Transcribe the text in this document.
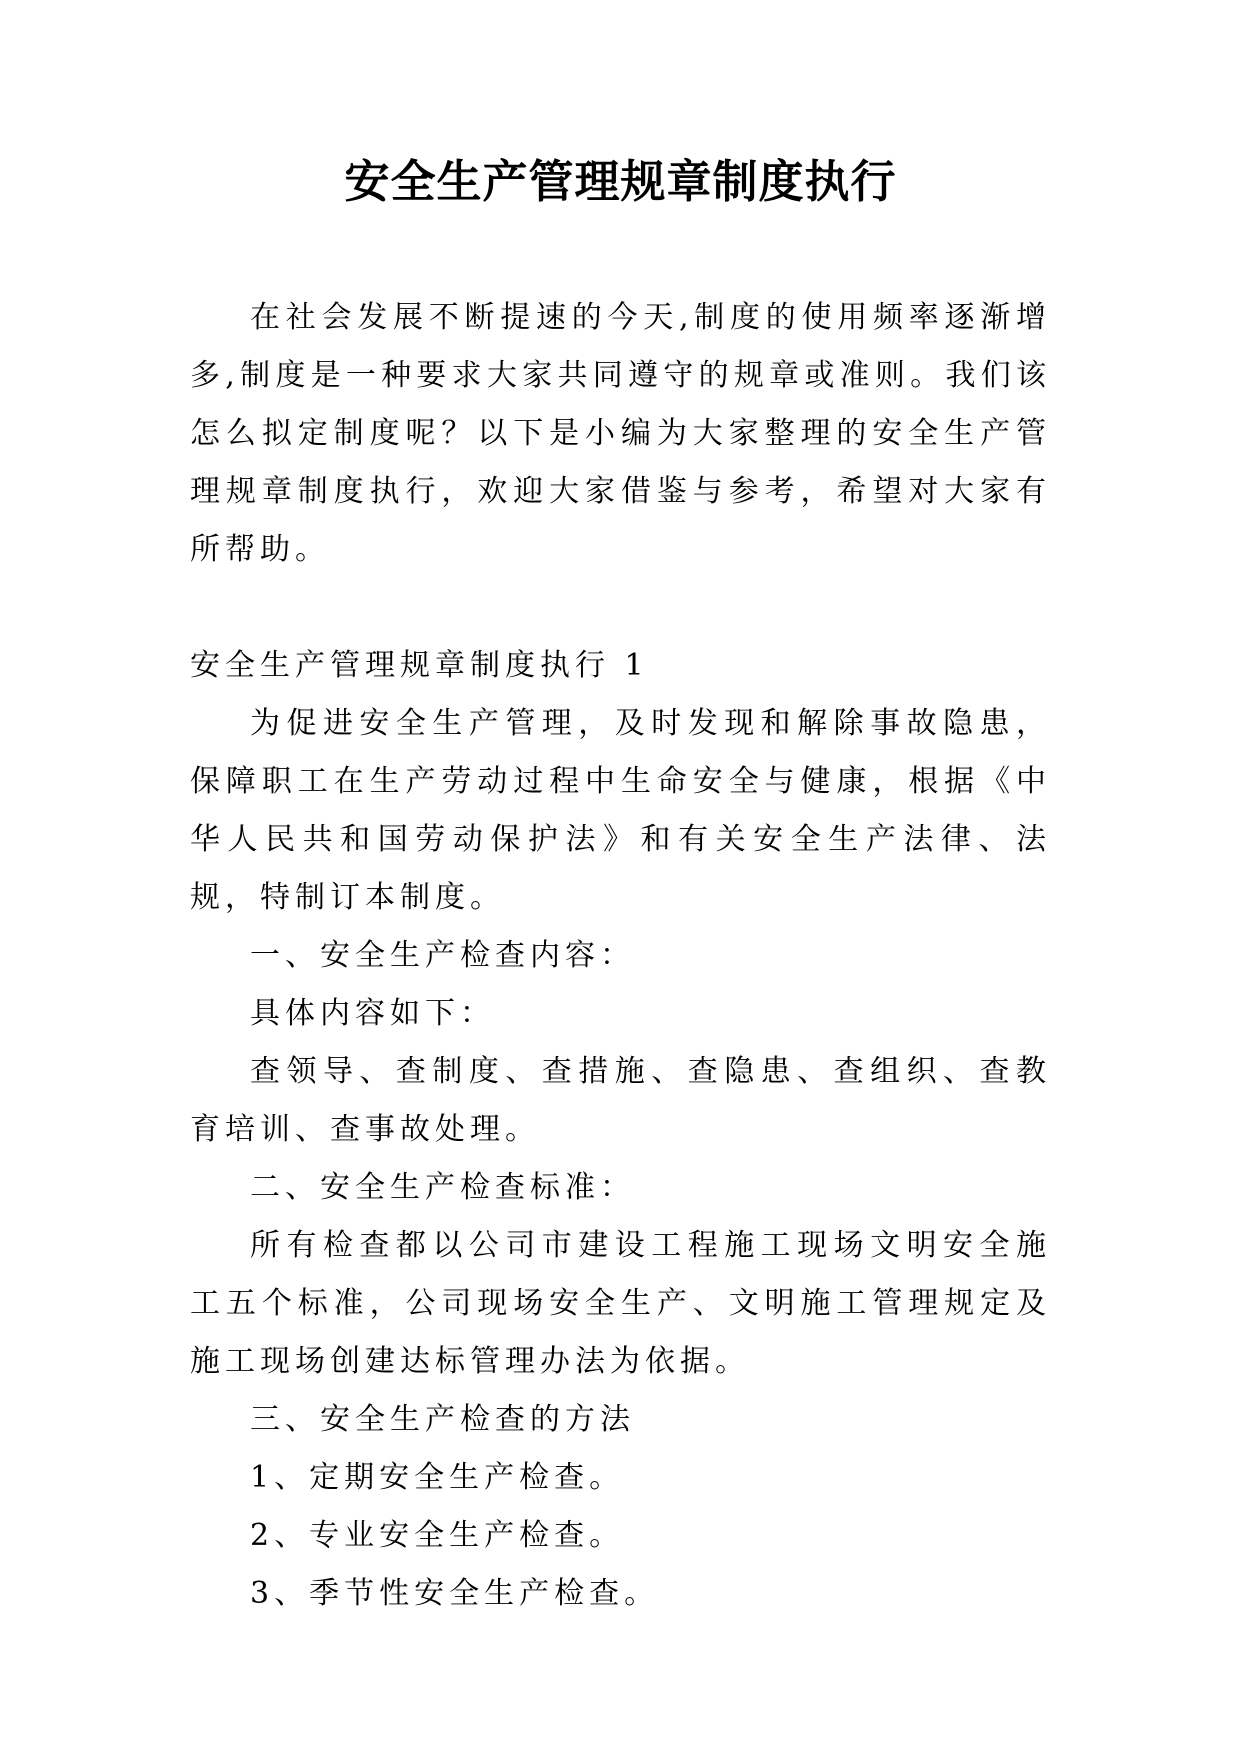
安全生产管理规章制度执行

在社会发展不断提速的今天,制度的使用频率逐渐增多,制度是一种要求大家共同遵守的规章或准则。我们该怎么拟定制度呢？以下是小编为大家整理的安全生产管理规章制度执行，欢迎大家借鉴与参考，希望对大家有所帮助。

安全生产管理规章制度执行 1

为促进安全生产管理，及时发现和解除事故隐患，保障职工在生产劳动过程中生命安全与健康，根据《中华人民共和国劳动保护法》和有关安全生产法律、法规，特制订本制度。

一、安全生产检查内容：

具体内容如下：

查领导、查制度、查措施、查隐患、查组织、查教育培训、查事故处理。

二、安全生产检查标准：

所有检查都以公司市建设工程施工现场文明安全施工五个标准，公司现场安全生产、文明施工管理规定及施工现场创建达标管理办法为依据。

三、安全生产检查的方法

1、定期安全生产检查。

2、专业安全生产检查。

3、季节性安全生产检查。
